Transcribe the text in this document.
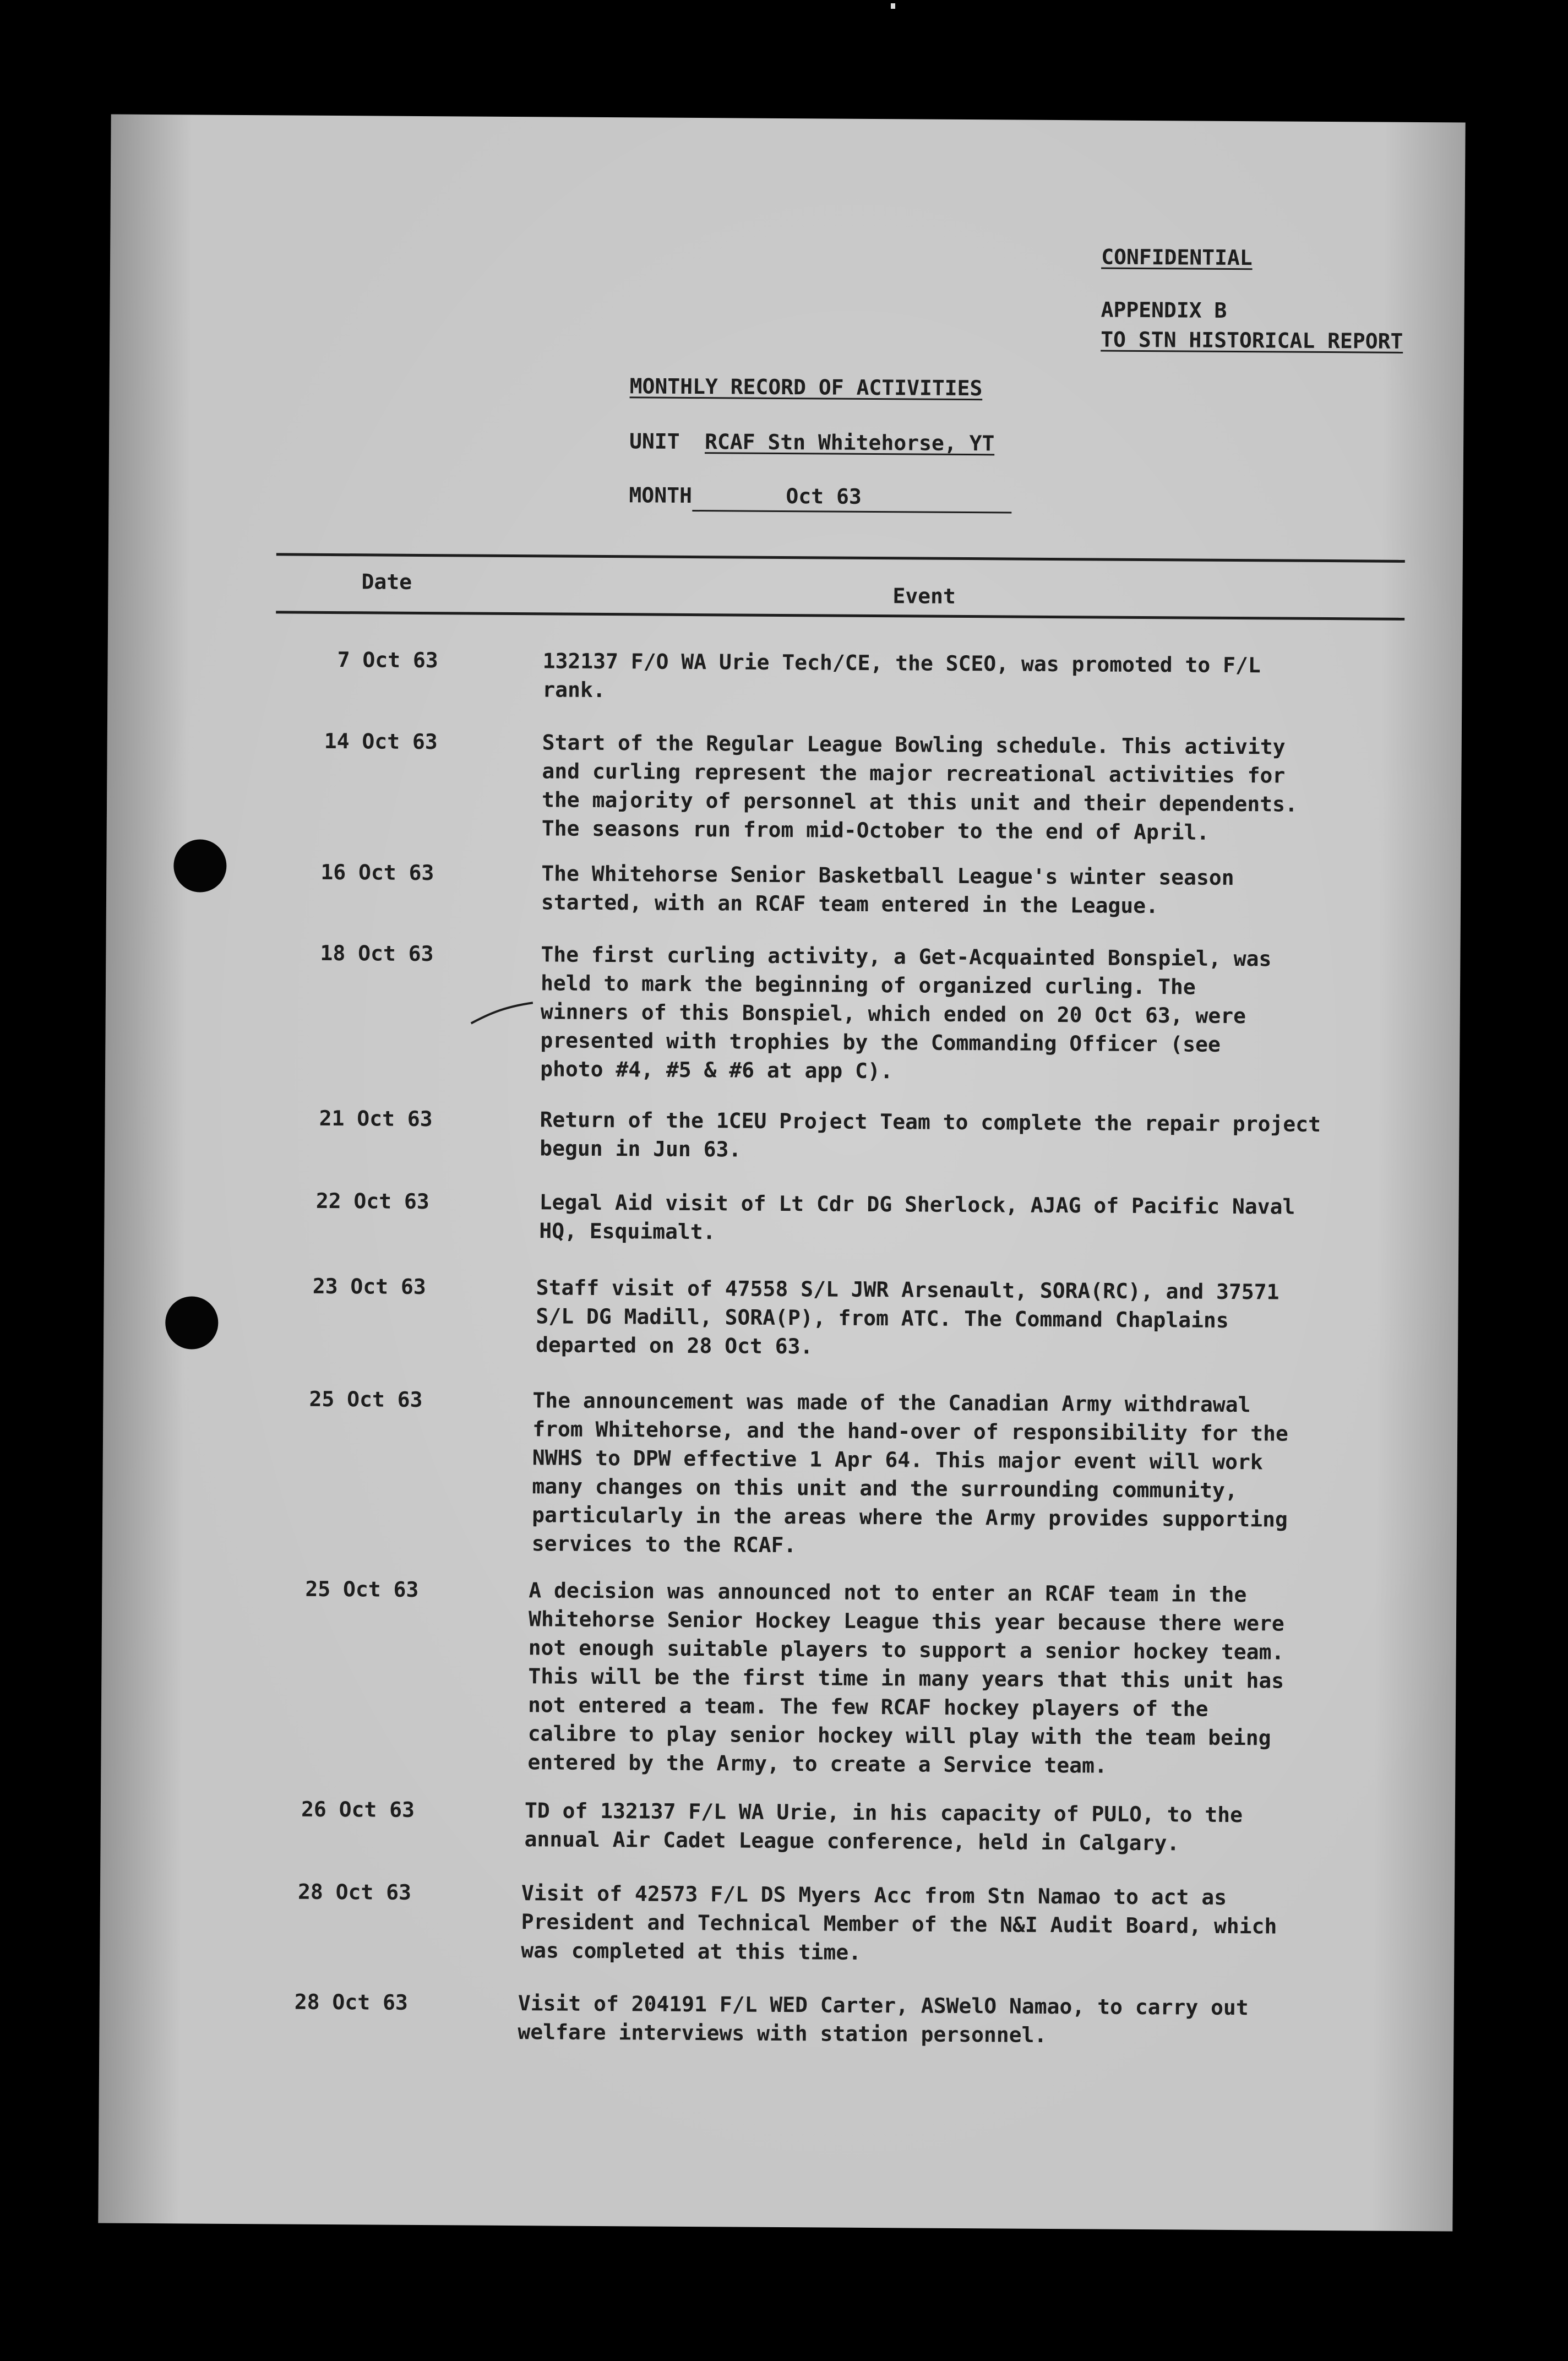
CONFIDENTIAL
APPENDIX B
TO STN HISTORICAL REPORT
MONTHLY RECORD OF ACTIVITIES
UNIT RCAF Stn Whitehorse, YT
MONTH	Oct 63
Date
Event
7 Oct 63	132137 F/O WA Urie Tech/CE, the SCEO, was promoted to F/L
rank.
14 Oct 63	Start of the Regular League Bowling schedule. This activity
and curling represent the major recreational activities for
the majority of personnel at this unit and their dependents.
The seasons run from mid-October to the end of April.
16 Oct 63	The Whitehorse Senior Basketball League's winter season
started, with an RCAF team entered in the League.
18 Oct 63	The first curling activity, a Get-Acquainted Bonspiel, was
held to mark the beginning of organized curling. The
winners of this Bonspiel, which ended on 20 Oct 63, were
presented with trophies by the Commanding Officer (see
photo #4, #5 & #6 at app C).
21 Oct 63	Return of the 1CEU Project Team to complete the repair project
begun in Jun 63.
22 Oct 63	Legal Aid visit of Lt Cdr DG Sherlock, AJAG of Pacific Naval
HQ, Esquimalt.
23 Oct 63	Staff visit of 47558 S/L JWR Arsenault, SORA(RC), and 37571
S/L DG Madill, SORA(P), from ATC. The Command Chaplains
departed on 28 Oct 63.
25 Oct 63	The announcement was made of the Canadian Army withdrawal
from Whitehorse, and the hand-over of responsibility for the
NWHS to DPW effective 1 Apr 64. This major event will work
many changes on this unit and the surrounding community,
particularly in the areas where the Army provides supporting
services to the RCAF.
25 Oct 63	A decision was announced not to enter an RCAF team in the
Whitehorse Senior Hockey League this year because there were
not enough suitable players to support a senior hockey team.
This will be the first time in many years that this unit has
not entered a team. The few RCAF hockey players of the
calibre to play senior hockey will play with the team being
entered by the Army, to create a Service team.
26 Oct 63	TD of 132137 F/L WA Urie, in his capacity of PULO, to the
annual Air Cadet League conference, held in Calgary.
28 Oct 63	Visit of 42573 F/L DS Myers Acc from Stn Namao to act as
President and Technical Member of the N&I Audit Board, which
was completed at this time.
28 Oct 63	Visit of 204191 F/L WED Carter, ASWelO Namao, to carry out
welfare interviews with station personnel.
